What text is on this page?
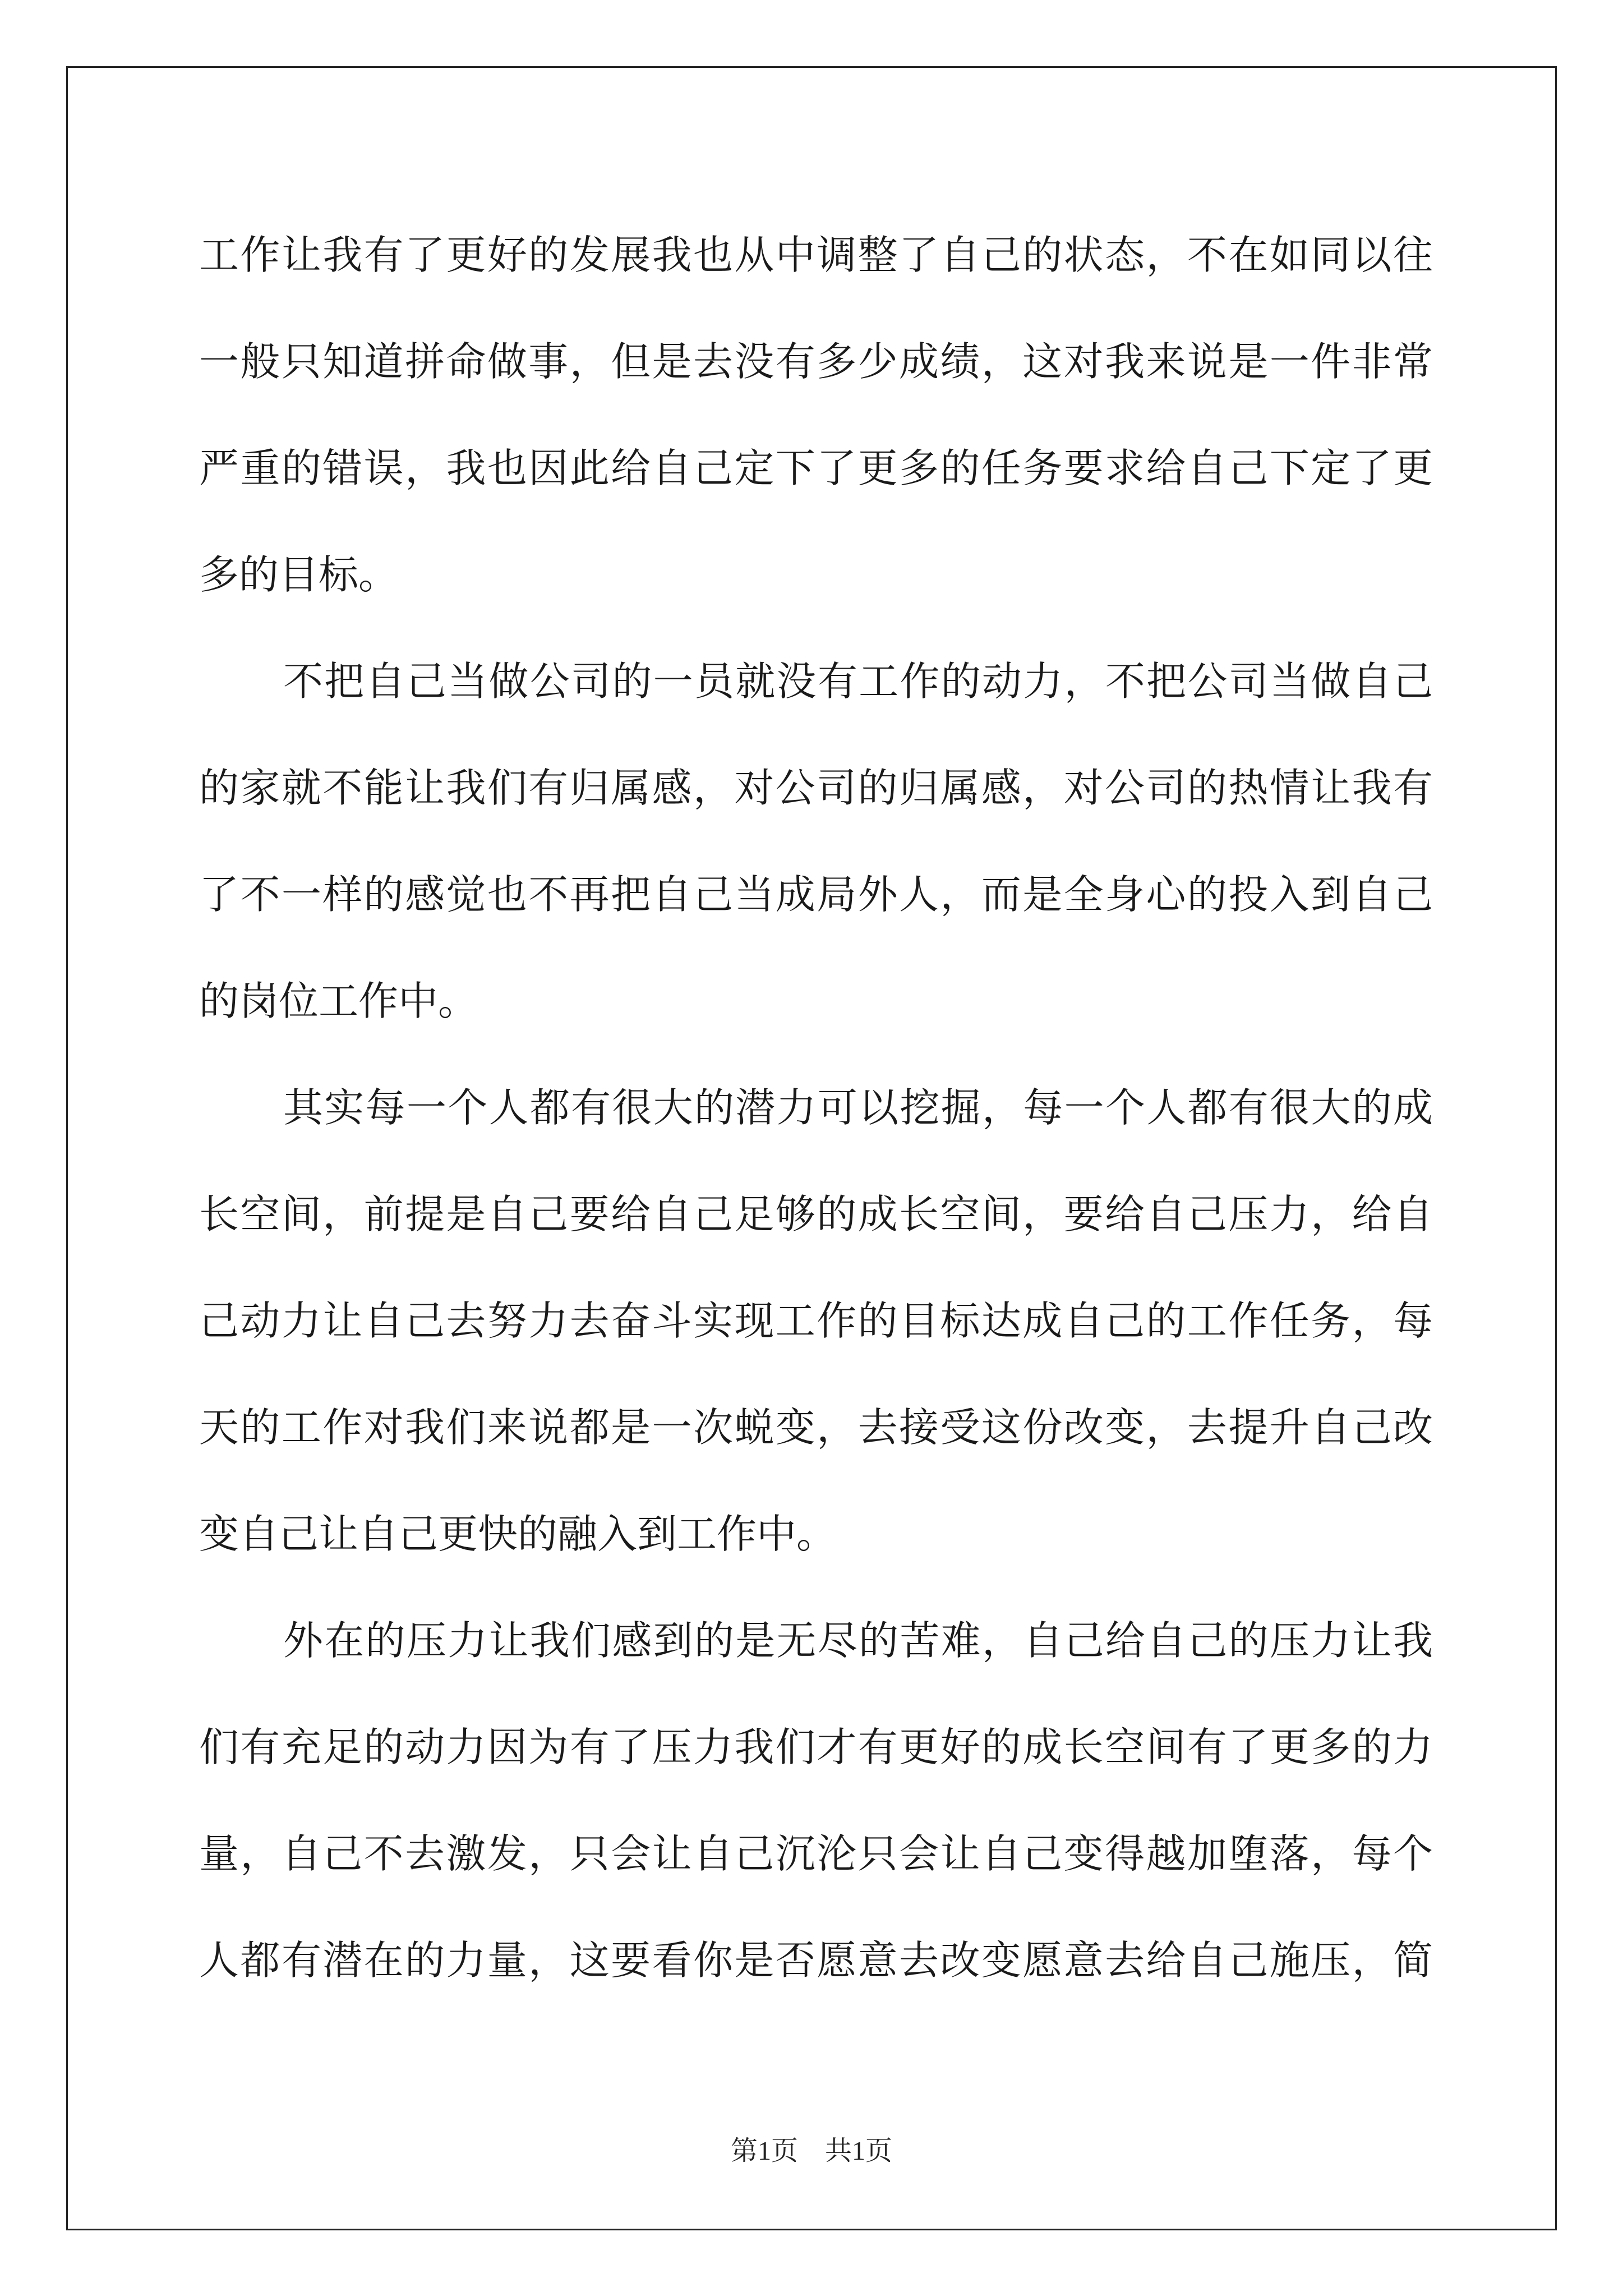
工作让我有了更好的发展我也从中调整了自己的状态，不在如同以往
一般只知道拼命做事，但是去没有多少成绩，这对我来说是一件非常
严重的错误，我也因此给自己定下了更多的任务要求给自己下定了更
多的目标。
不把自己当做公司的一员就没有工作的动力，不把公司当做自己
的家就不能让我们有归属感，对公司的归属感，对公司的热情让我有
了不一样的感觉也不再把自己当成局外人，而是全身心的投入到自己
的岗位工作中。
其实每一个人都有很大的潜力可以挖掘，每一个人都有很大的成
长空间，前提是自己要给自己足够的成长空间，要给自己压力，给自
己动力让自己去努力去奋斗实现工作的目标达成自己的工作任务，每
天的工作对我们来说都是一次蜕变，去接受这份改变，去提升自己改
变自己让自己更快的融入到工作中。
外在的压力让我们感到的是无尽的苦难，自己给自己的压力让我
们有充足的动力因为有了压力我们才有更好的成长空间有了更多的力
量，自己不去激发，只会让自己沉沦只会让自己变得越加堕落，每个
人都有潜在的力量，这要看你是否愿意去改变愿意去给自己施压，简
第1页　共1页
